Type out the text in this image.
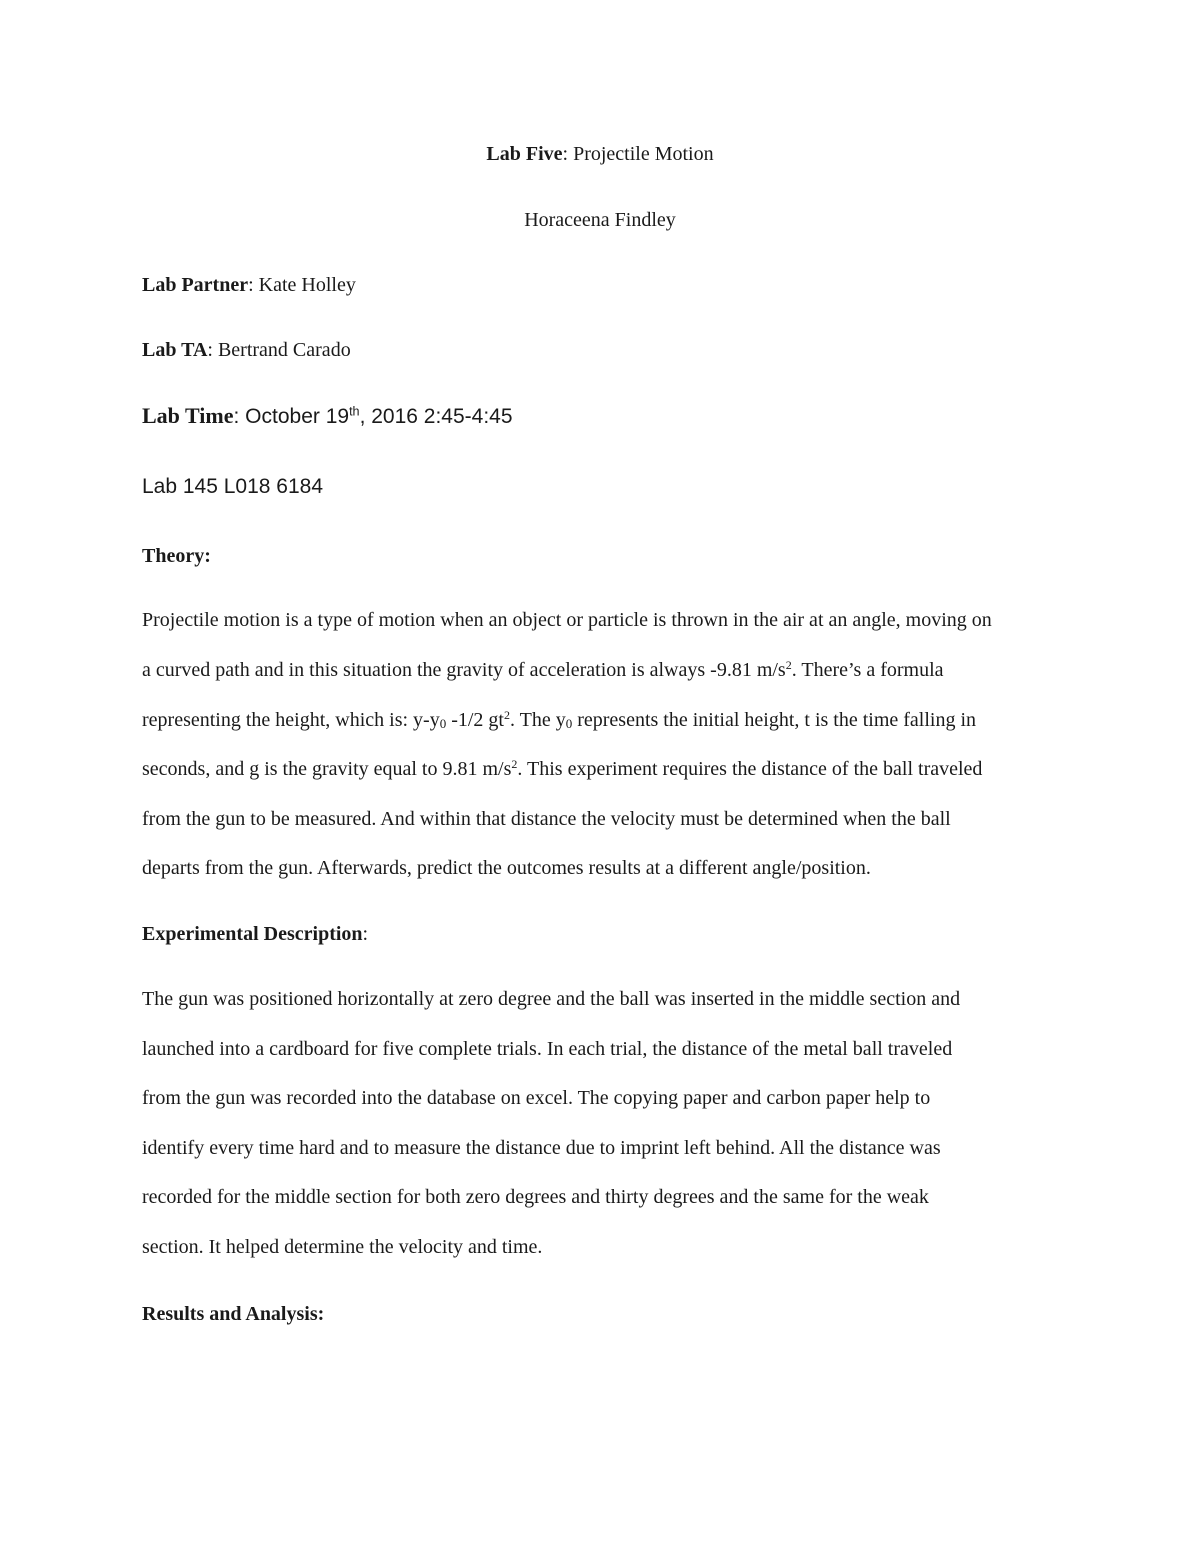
Lab Five: Projectile Motion
Horaceena Findley
Lab Partner: Kate Holley
Lab TA: Bertrand Carado
Lab Time: October 19th, 2016 2:45-4:45
Lab 145 L018 6184
Theory:
Projectile motion is a type of motion when an object or particle is thrown in the air at an angle, moving on
a curved path and in this situation the gravity of acceleration is always -9.81 $m/s^2$. There’s a formula
representing the height, which is: $y-y_0$ -1/2 $gt^2$. The $y_0$ represents the initial height, t is the time falling in
seconds, and g is the gravity equal to 9.81 $m/s^2$. This experiment requires the distance of the ball traveled
from the gun to be measured. And within that distance the velocity must be determined when the ball
departs from the gun. Afterwards, predict the outcomes results at a different angle/position.
Experimental Description:
The gun was positioned horizontally at zero degree and the ball was inserted in the middle section and
launched into a cardboard for five complete trials. In each trial, the distance of the metal ball traveled
from the gun was recorded into the database on excel. The copying paper and carbon paper help to
identify every time hard and to measure the distance due to imprint left behind. All the distance was
recorded for the middle section for both zero degrees and thirty degrees and the same for the weak
section. It helped determine the velocity and time.
Results and Analysis:
